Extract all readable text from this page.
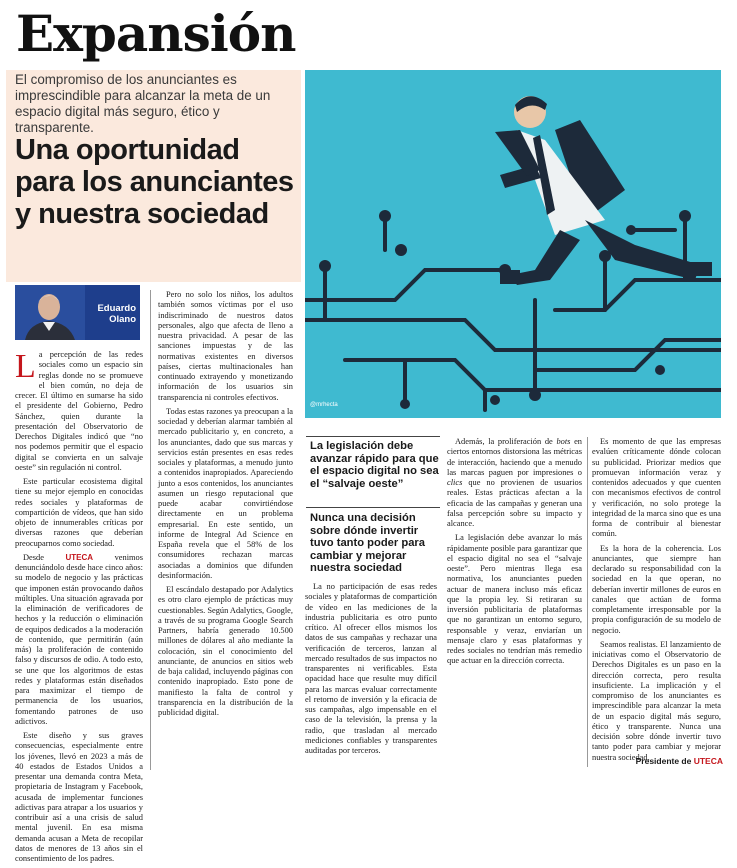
Expansión
El compromiso de los anunciantes es imprescindible para alcanzar la meta de un espacio digital más seguro, ético y transparente.
Una oportunidad para los anunciantes y nuestra sociedad
@mrhecta
Eduardo
Olano

La percepción de las redes sociales como un espacio sin reglas donde no se promueve el bien común, no deja de crecer. El último en sumarse ha sido el presidente del Gobierno, Pedro Sánchez, quien durante la presentación del Observatorio de Derechos Digitales indicó que “no nos podemos permitir que el espacio digital se convierta en un salvaje oeste” sin regulación ni control.

Este particular ecosistema digital tiene su mejor ejemplo en conocidas redes sociales y plataformas de compartición de vídeos, que han sido objeto de innumerables críticas por diversas razones que deberían preocuparnos como sociedad.

Desde UTECA venimos denunciándolo desde hace cinco años: su modelo de negocio y las prácticas que imponen están provocando daños múltiples. Una situación agravada por la eliminación de verificadores de hechos y la reducción o eliminación de equipos dedicados a la moderación de contenido, que permitirán (aún más) la proliferación de contenido falso y discursos de odio. A todo esto, se une que los algoritmos de estas redes y plataformas están diseñados para maximizar el tiempo de permanencia de los usuarios, fomentando patrones de uso adictivos.

Este diseño y sus graves consecuencias, especialmente entre los jóvenes, llevó en 2023 a más de 40 estados de Estados Unidos a presentar una demanda contra Meta, propietaria de Instagram y Facebook, acusada de implementar funciones adictivas para atrapar a los usuarios y contribuir así a una crisis de salud mental juvenil. En esa misma demanda acusan a Meta de recopilar datos de menores de 13 años sin el consentimiento de los padres.

Pero no solo los niños, los adultos también somos víctimas por el uso indiscriminado de nuestros datos personales, algo que afecta de lleno a nuestra privacidad. A pesar de las sanciones impuestas y de las normativas existentes en diversos países, ciertas multinacionales han continuado extrayendo y monetizando información de los usuarios sin transparencia ni controles efectivos.

Todas estas razones ya preocupan a la sociedad y deberían alarmar también al mercado publicitario y, en concreto, a los anunciantes, dado que sus marcas y servicios están presentes en esas redes sociales y plataformas, a menudo junto a contenidos inapropiados. Apareciendo junto a esos contenidos, los anunciantes asumen un riesgo reputacional que puede acabar convirtiéndose directamente en un problema empresarial. En este sentido, un informe de Integral Ad Science en España revela que el 58% de los consumidores rechazan marcas asociadas a dominios que difunden desinformación.

El escándalo destapado por Adalytics es otro claro ejemplo de prácticas muy cuestionables. Según Adalytics, Google, a través de su programa Google Search Partners, habría generado 10.500 millones de dólares al año mediante la colocación, sin el conocimiento del anunciante, de anuncios en sitios web de baja calidad, incluyendo páginas con contenido inapropiado. Esto pone de manifiesto la falta de control y transparencia en la distribución de la publicidad digital.

La legislación debe avanzar rápido para que el espacio digital no sea el “salvaje oeste”
Nunca una decisión sobre dónde invertir tuvo tanto poder para cambiar y mejorar nuestra sociedad

La no participación de esas redes sociales y plataformas de compartición de vídeo en las mediciones de la industria publicitaria es otro punto crítico. Al ofrecer ellos mismos los datos de sus campañas y rechazar una verificación de terceros, lanzan al mercado resultados de sus impactos no transparentes ni verificables. Esta opacidad hace que resulte muy difícil para las marcas evaluar correctamente el retorno de inversión y la eficacia de sus campañas, algo impensable en el caso de la televisión, la prensa y la radio, que trasladan al mercado mediciones confiables y transparentes auditadas por terceros.

Además, la proliferación de bots en ciertos entornos distorsiona las métricas de interacción, haciendo que a menudo las marcas paguen por impresiones o clics que no provienen de usuarios reales. Estas prácticas afectan a la eficacia de las campañas y generan una falsa percepción sobre su impacto y alcance.

La legislación debe avanzar lo más rápidamente posible para garantizar que el espacio digital no sea el “salvaje oeste”. Pero mientras llega esa normativa, los anunciantes pueden actuar de manera incluso más eficaz que la propia ley. Si retiraran su inversión publicitaria de plataformas que no garantizan un entorno seguro, responsable y veraz, enviarían un mensaje claro y esas plataformas y redes sociales no tendrían más remedio que actuar en la dirección correcta.

Es momento de que las empresas evalúen críticamente dónde colocan su publicidad. Priorizar medios que promuevan información veraz y contenidos adecuados y que cuenten con mecanismos efectivos de control y verificación, no solo protege la integridad de la marca sino que es una forma de contribuir al bienestar común.

Es la hora de la coherencia. Los anunciantes, que siempre han declarado su responsabilidad con la sociedad en la que operan, no deberían invertir millones de euros en canales que actúan de forma completamente irresponsable por la propia configuración de su modelo de negocio.

Seamos realistas. El lanzamiento de iniciativas como el Observatorio de Derechos Digitales es un paso en la dirección correcta, pero resulta insuficiente. La implicación y el compromiso de los anunciantes es imprescindible para alcanzar la meta de un espacio digital más seguro, ético y transparente. Nunca una decisión sobre dónde invertir tuvo tanto poder para cambiar y mejorar nuestra sociedad.

Presidente de UTECA
